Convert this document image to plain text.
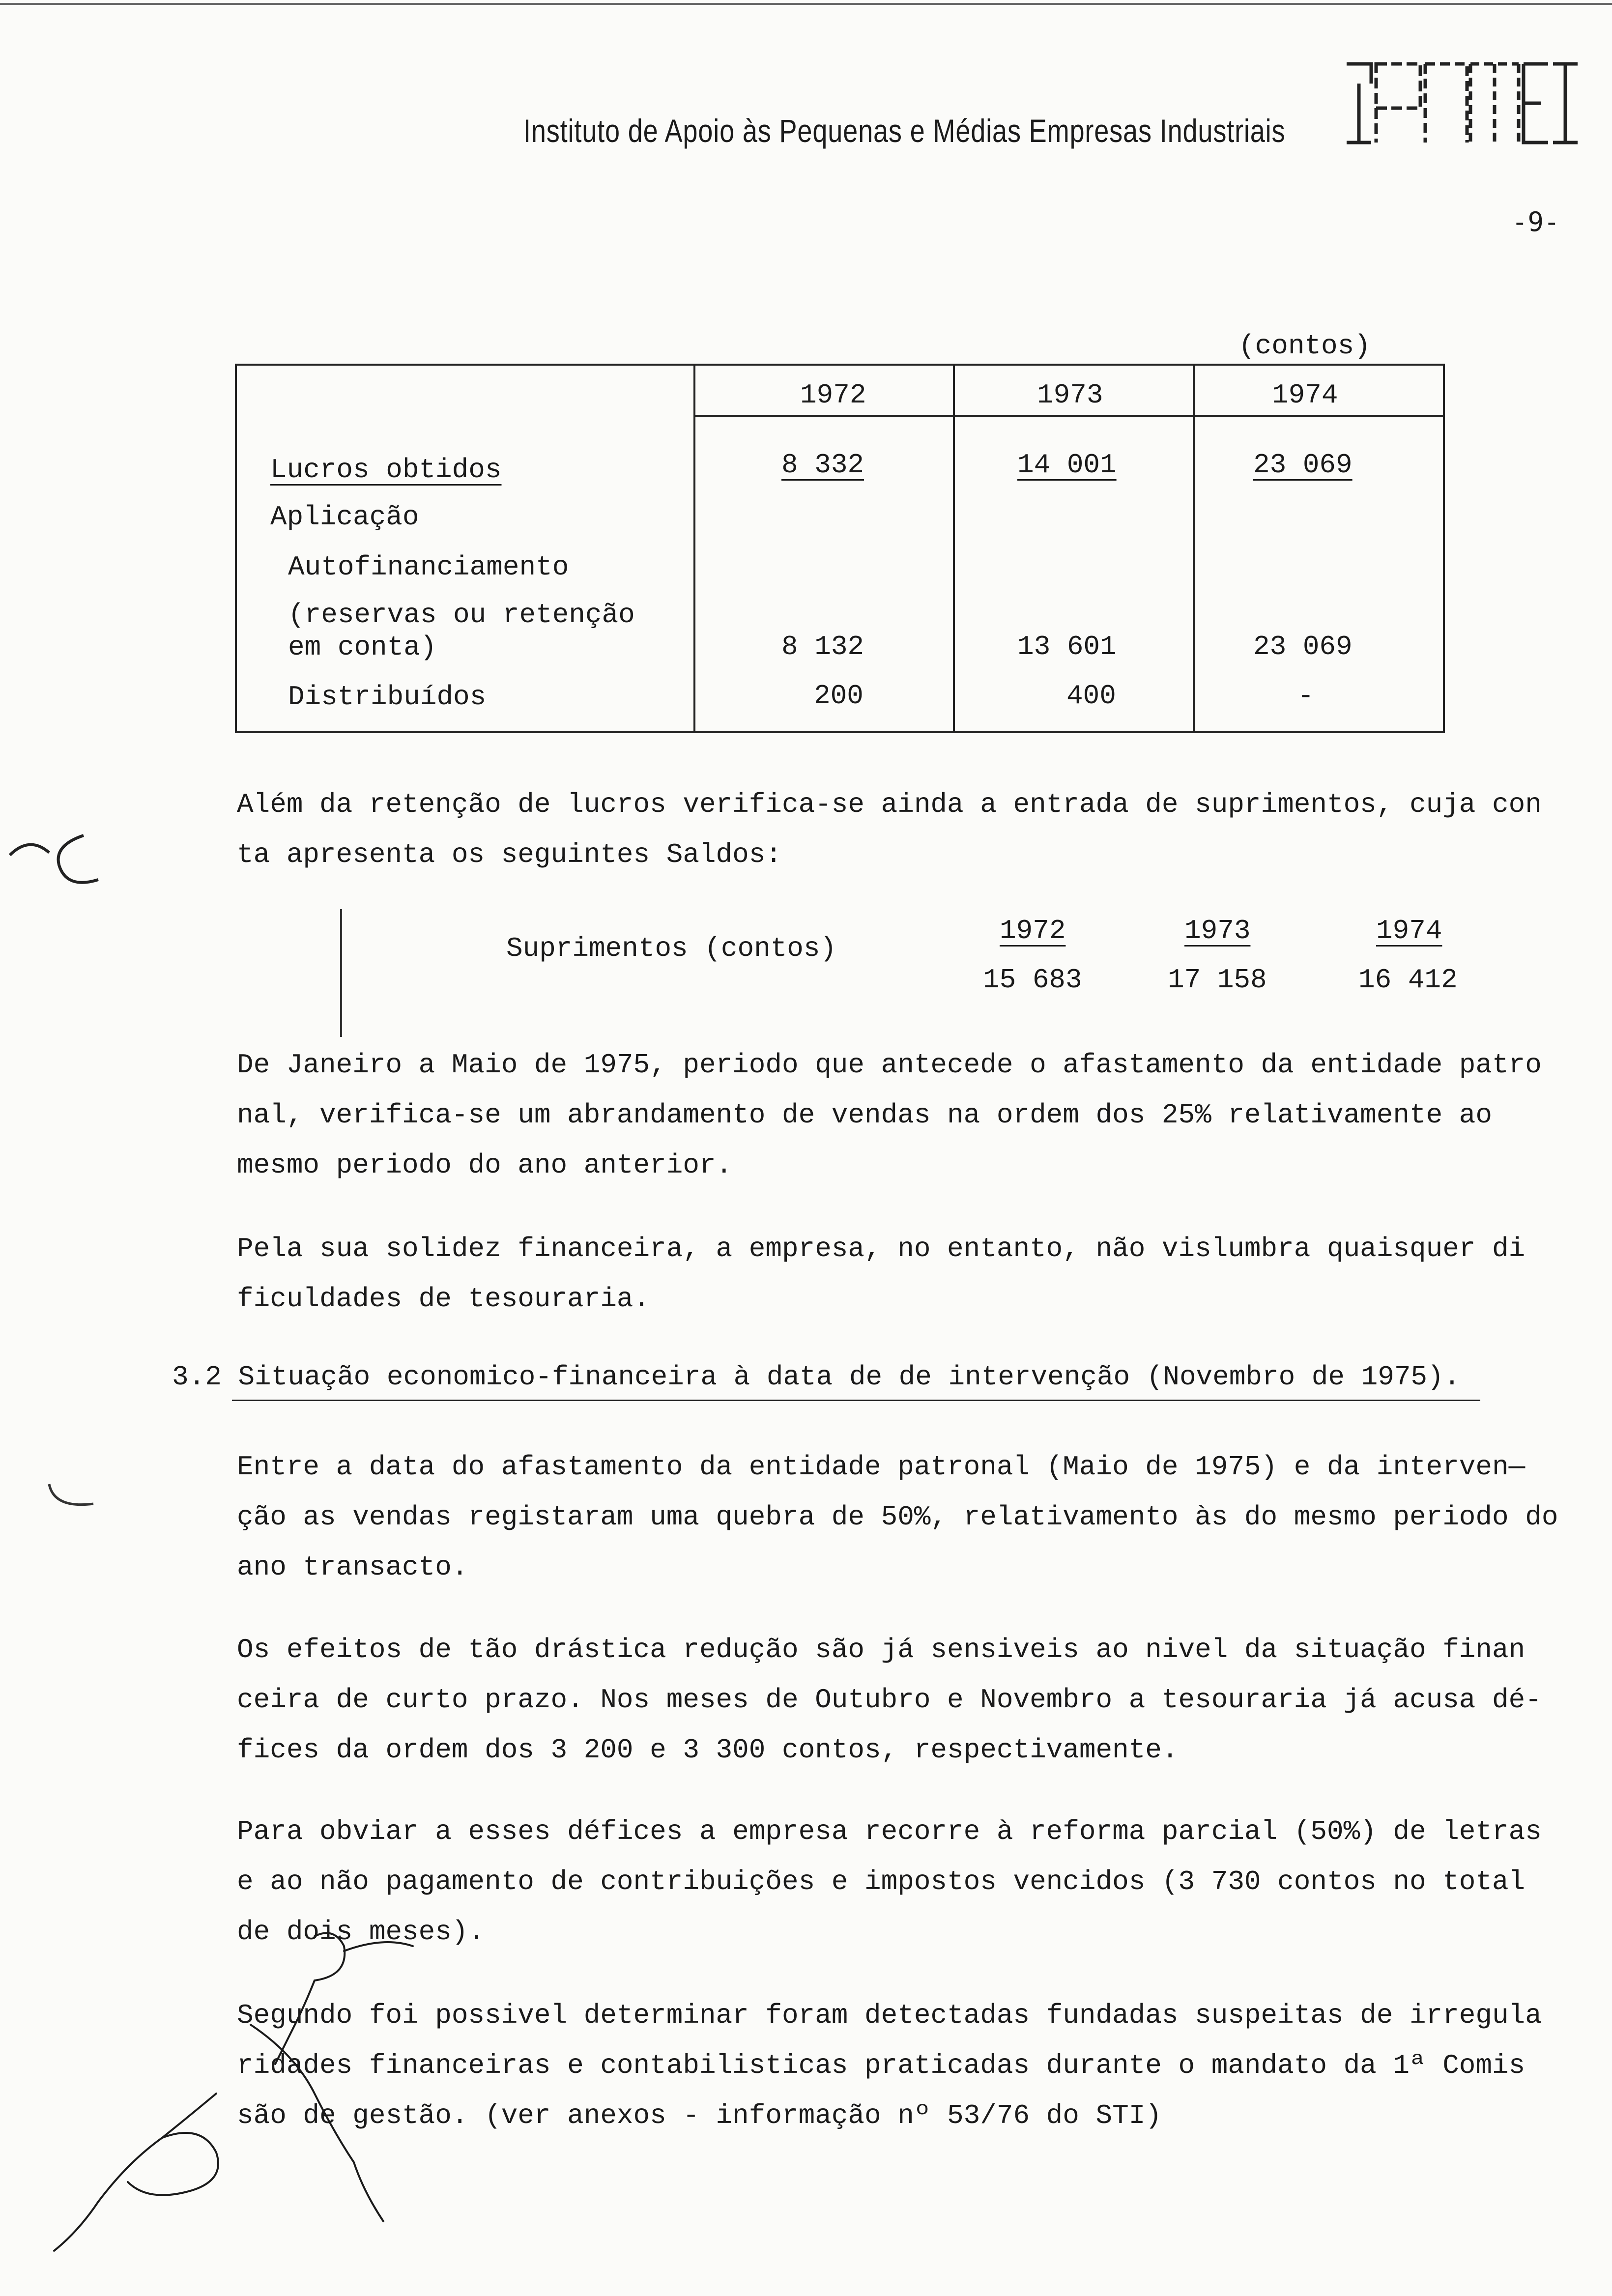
Instituto de Apoio às Pequenas e Médias Empresas Industriais
-9-
(contos)
1972	1973	1974
Lucros obtidos	8 332	14 001	23 069
Aplicação
Autofinanciamento
(reservas ou retenção
em conta)	8 132	13 601	23 069
Distribuídos	200	400	-
Além da retenção de lucros verifica-se ainda a entrada de suprimentos, cuja con
ta apresenta os seguintes Saldos:
Suprimentos (contos)
1972	1973	1974
15 683	17 158	16 412
De Janeiro a Maio de 1975, periodo que antecede o afastamento da entidade patro
nal, verifica-se um abrandamento de vendas na ordem dos 25% relativamente ao
mesmo periodo do ano anterior.
Pela sua solidez financeira, a empresa, no entanto, não vislumbra quaisquer di
ficuldades de tesouraria.
3.2 Situação economico-financeira à data de de intervenção (Novembro de 1975).
Entre a data do afastamento da entidade patronal (Maio de 1975) e da interven—
ção as vendas registaram uma quebra de 50%, relativamento às do mesmo periodo do
ano transacto.
Os efeitos de tão drástica redução são já sensiveis ao nivel da situação finan
ceira de curto prazo. Nos meses de Outubro e Novembro a tesouraria já acusa dé-
fices da ordem dos 3 200 e 3 300 contos, respectivamente.
Para obviar a esses défices a empresa recorre à reforma parcial (50%) de letras
e ao não pagamento de contribuições e impostos vencidos (3 730 contos no total
de dois meses).
Segundo foi possivel determinar foram detectadas fundadas suspeitas de irregula
ridades financeiras e contabilisticas praticadas durante o mandato da 1ª Comis
são de gestão. (ver anexos - informação nº 53/76 do STI)
